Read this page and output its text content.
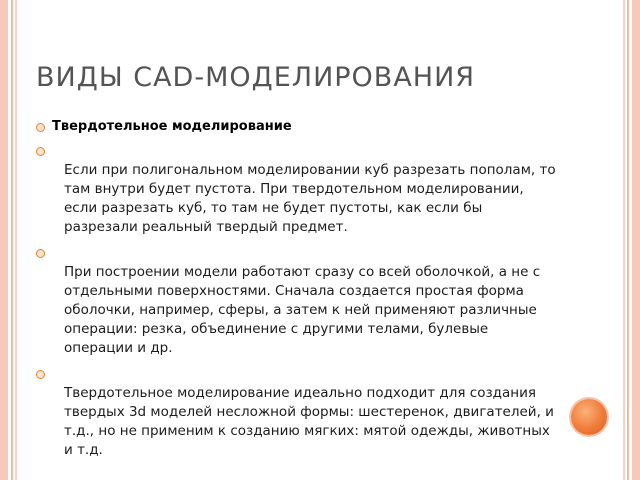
ВИДЫ CAD-МОДЕЛИРОВАНИЯ
Твердотельное моделирование
Если при полигональном моделировании куб разрезать пополам, то там внутри будет пустота. При твердотельном моделировании, если разрезать куб, то там не будет пустоты, как если бы разрезали реальный твердый предмет.
При построении модели работают сразу со всей оболочкой, а не с отдельными поверхностями. Сначала создается простая форма оболочки, например, сферы, а затем к ней применяют различные операции: резка, объединение с другими телами, булевые операции и др.
Твердотельное моделирование идеально подходит для создания твердых 3d моделей несложной формы: шестеренок, двигателей, и т.д., но не применим к созданию мягких: мятой одежды, животных и т.д.
